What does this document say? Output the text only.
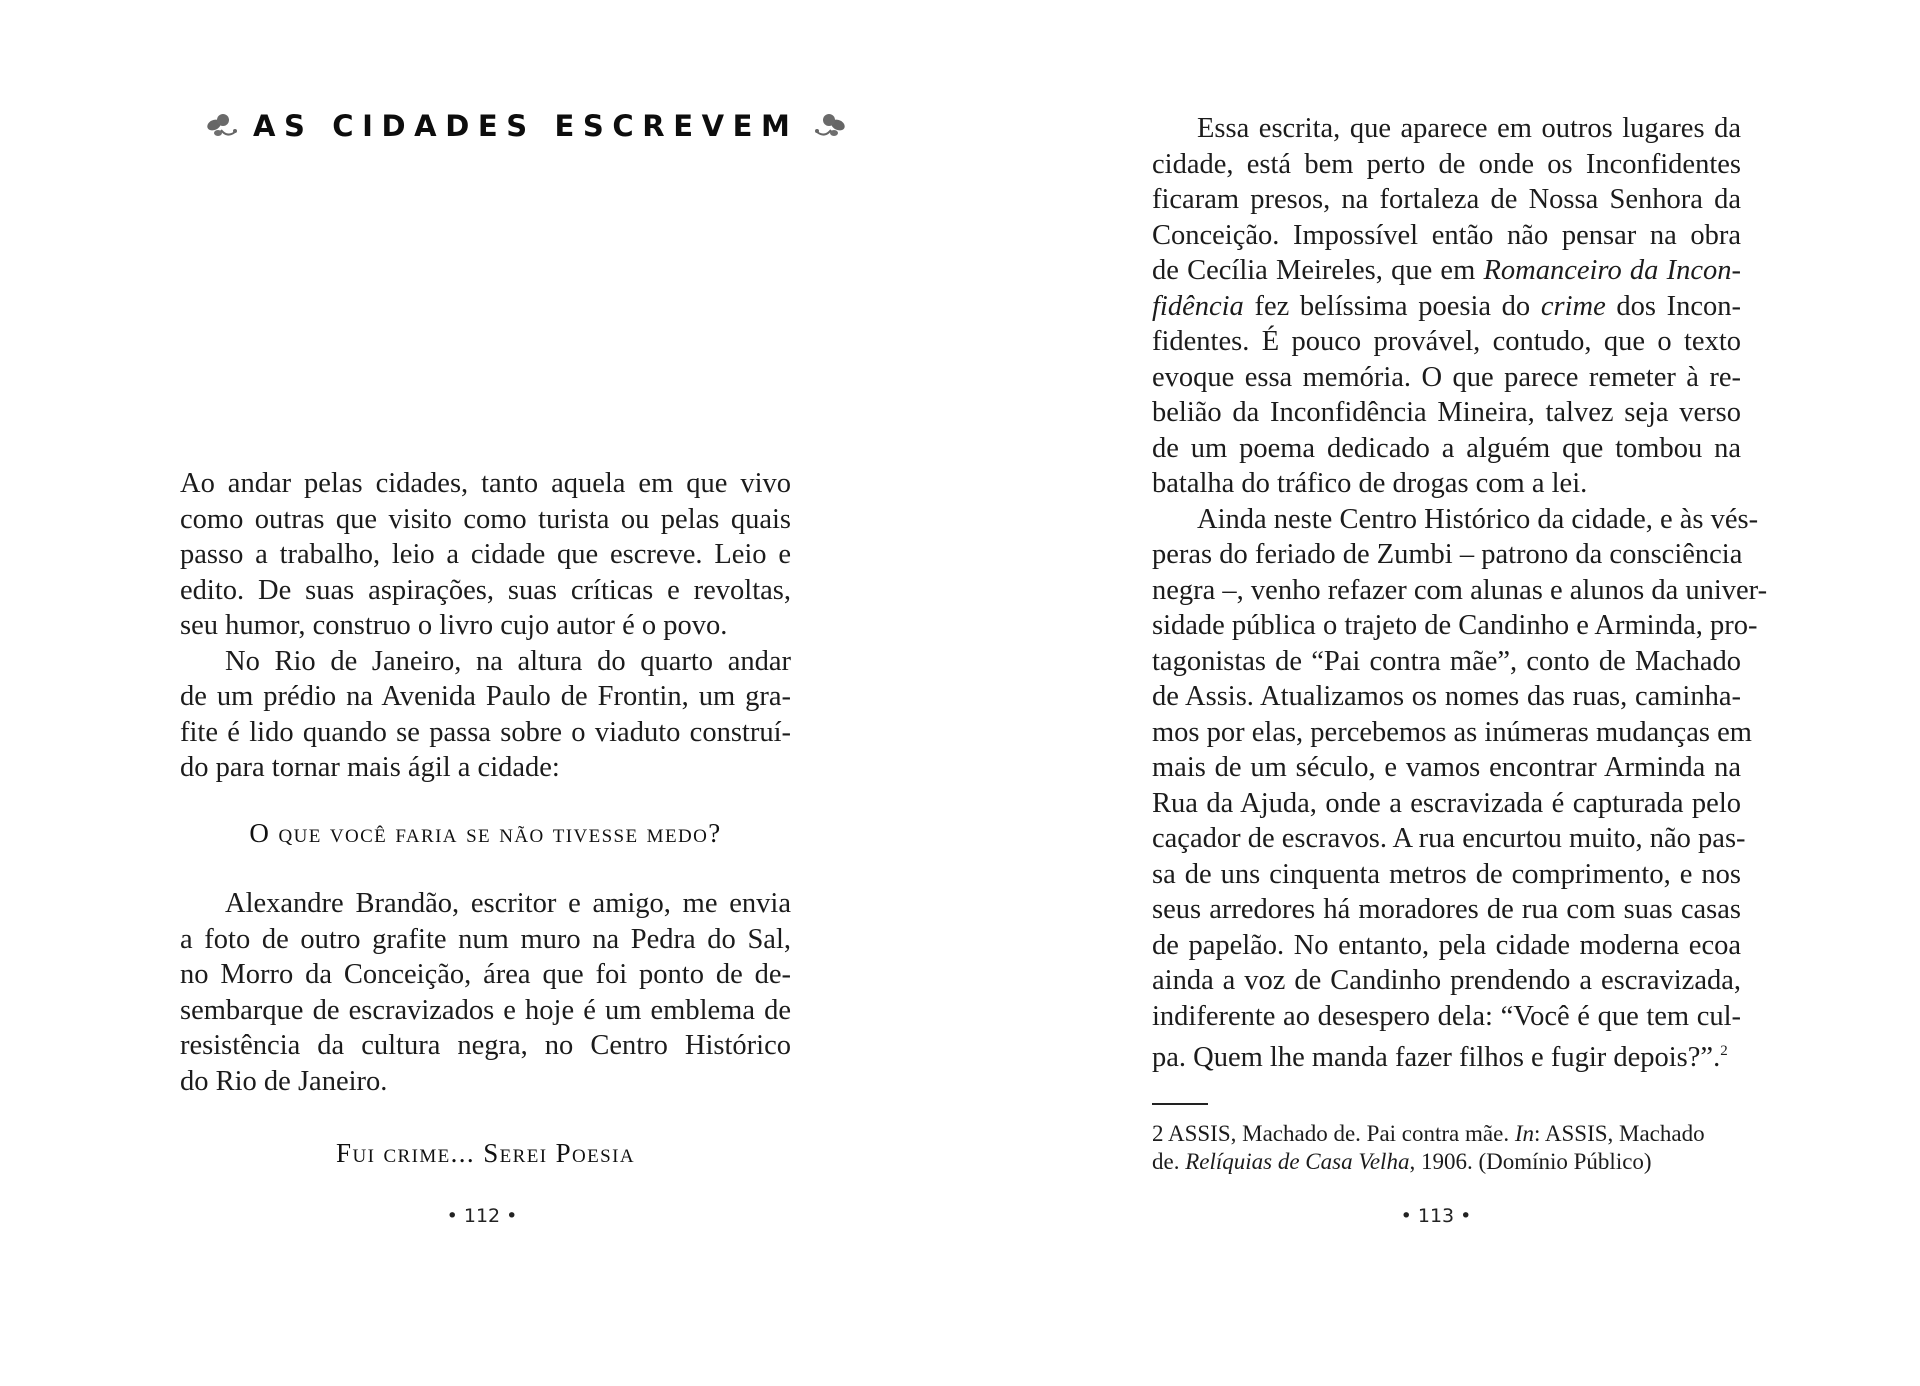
AS CIDADES ESCREVEM

Ao andar pelas cidades, tanto aquela em que vivo
como outras que visito como turista ou pelas quais
passo a trabalho, leio a cidade que escreve. Leio e
edito. De suas aspirações, suas críticas e revoltas,
seu humor, construo o livro cujo autor é o povo.

No Rio de Janeiro, na altura do quarto andar
de um prédio na Avenida Paulo de Frontin, um gra-
fite é lido quando se passa sobre o viaduto construí-
do para tornar mais ágil a cidade:

O que você faria se não tivesse medo?

Alexandre Brandão, escritor e amigo, me envia
a foto de outro grafite num muro na Pedra do Sal,
no Morro da Conceição, área que foi ponto de de-
sembarque de escravizados e hoje é um emblema de
resistência da cultura negra, no Centro Histórico
do Rio de Janeiro.

Fui crime... Serei Poesia
• 112 •

Essa escrita, que aparece em outros lugares da
cidade, está bem perto de onde os Inconfidentes
ficaram presos, na fortaleza de Nossa Senhora da
Conceição. Impossível então não pensar na obra
de Cecília Meireles, que em Romanceiro da Incon-
fidência fez belíssima poesia do crime dos Incon-
fidentes. É pouco provável, contudo, que o texto
evoque essa memória. O que parece remeter à re-
belião da Inconfidência Mineira, talvez seja verso
de um poema dedicado a alguém que tombou na
batalha do tráfico de drogas com a lei.

Ainda neste Centro Histórico da cidade, e às vés-
peras do feriado de Zumbi – patrono da consciência
negra –, venho refazer com alunas e alunos da univer-
sidade pública o trajeto de Candinho e Arminda, pro-
tagonistas de “Pai contra mãe”, conto de Machado
de Assis. Atualizamos os nomes das ruas, caminha-
mos por elas, percebemos as inúmeras mudanças em
mais de um século, e vamos encontrar Arminda na
Rua da Ajuda, onde a escravizada é capturada pelo
caçador de escravos. A rua encurtou muito, não pas-
sa de uns cinquenta metros de comprimento, e nos
seus arredores há moradores de rua com suas casas
de papelão. No entanto, pela cidade moderna ecoa
ainda a voz de Candinho prendendo a escravizada,
indiferente ao desespero dela: “Você é que tem cul-
pa. Quem lhe manda fazer filhos e fugir depois?”.$^2$

2 ASSIS, Machado de. Pai contra mãe. In: ASSIS, Machado
de. Relíquias de Casa Velha, 1906. (Domínio Público)
• 113 •
